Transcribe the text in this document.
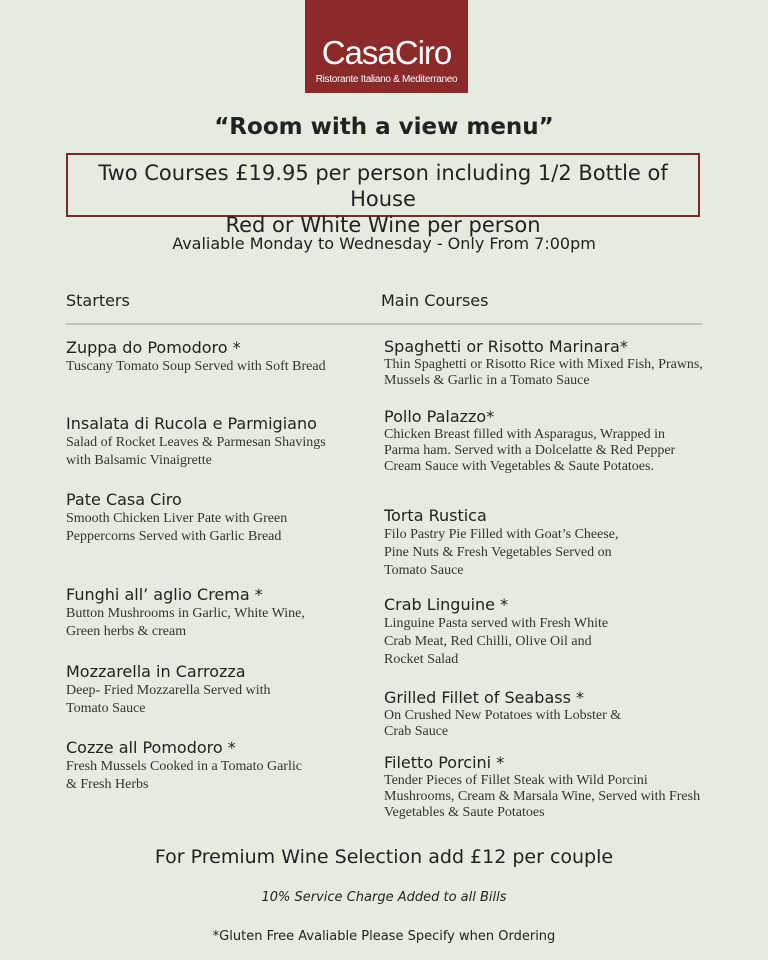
CasaCiro
Ristorante Italiano & Mediterraneo
“Room with a view menu”
Two Courses £19.95 per person including 1/2 Bottle of House
Red or White Wine per person
Avaliable Monday to Wednesday - Only From 7:00pm
Starters	Main Courses
Zuppa do Pomodoro *
Tuscany Tomato Soup Served with Soft Bread
Insalata di Rucola e Parmigiano
Salad of Rocket Leaves & Parmesan Shavings with Balsamic Vinaigrette
Pate Casa Ciro
Smooth Chicken Liver Pate with Green Peppercorns Served with Garlic Bread
Funghi all’ aglio Crema *
Button Mushrooms in Garlic, White Wine, Green herbs & cream
Mozzarella in Carrozza
Deep- Fried Mozzarella Served with Tomato Sauce
Cozze all Pomodoro *
Fresh Mussels Cooked in a Tomato Garlic & Fresh Herbs
Spaghetti or Risotto Marinara*
Thin Spaghetti or Risotto Rice with Mixed Fish, Prawns, Mussels & Garlic in a Tomato Sauce
Pollo Palazzo*
Chicken Breast filled with Asparagus, Wrapped in Parma ham. Served with a Dolcelatte & Red Pepper Cream Sauce with Vegetables & Saute Potatoes.
Torta Rustica
Filo Pastry Pie Filled with Goat’s Cheese, Pine Nuts & Fresh Vegetables Served on Tomato Sauce
Crab Linguine *
Linguine Pasta served with Fresh White Crab Meat, Red Chilli, Olive Oil and Rocket Salad
Grilled Fillet of Seabass *
On Crushed New Potatoes with Lobster & Crab Sauce
Filetto Porcini *
Tender Pieces of Fillet Steak with Wild Porcini Mushrooms, Cream & Marsala Wine, Served with Fresh Vegetables & Saute Potatoes
For Premium Wine Selection add £12 per couple
10% Service Charge Added to all Bills
*Gluten Free Avaliable Please Specify when Ordering
